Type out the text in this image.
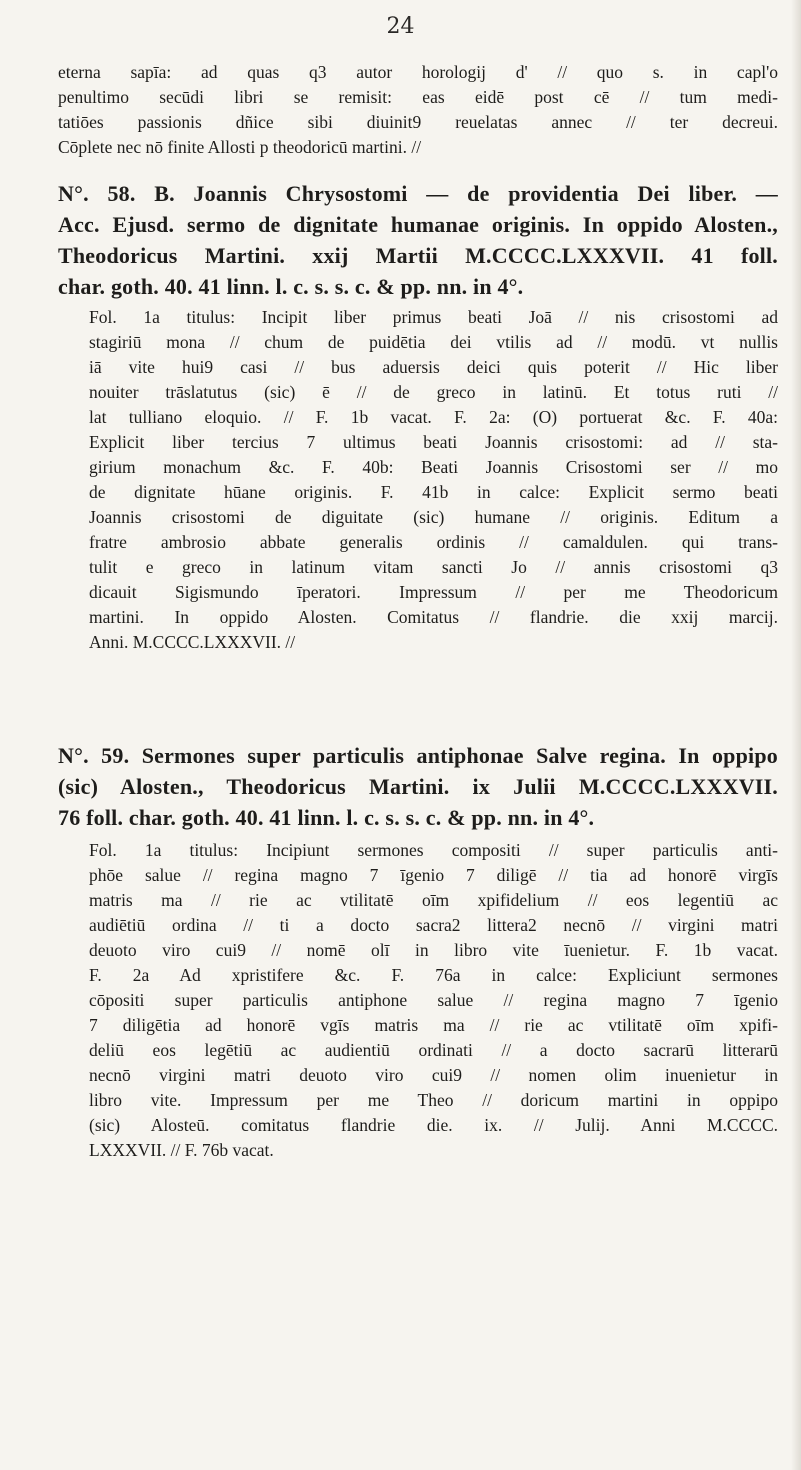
24
eterna sapīa: ad quas q3 autor horologij d' // quo s. in capl'o
penultimo secūdi libri se remisit: eas eidē post cē // tum medi-
tatiōes passionis dñice sibi diuinit9 reuelatas annec // ter decreui.
Cōplete nec nō finite Allosti p theodoricū martini. //
N°. 58. B. Joannis Chrysostomi — de providentia Dei liber. —
Acc. Ejusd. sermo de dignitate humanae originis. In oppido Alosten.,
Theodoricus Martini. xxij Martii M.CCCC.LXXXVII. 41 foll.
char. goth. 40. 41 linn. l. c. s. s. c. & pp. nn. in 4°.
Fol. 1a titulus: Incipit liber primus beati Joā // nis crisostomi ad
stagiriū mona // chum de puidētia dei vtilis ad // modū. vt nullis
iā vite hui9 casi // bus aduersis deici quis poterit // Hic liber
nouiter trāslatutus (sic) ē // de greco in latinū. Et totus ruti //
lat tulliano eloquio. // F. 1b vacat. F. 2a: (O) portuerat &c. F. 40a:
Explicit liber tercius 7 ultimus beati Joannis crisostomi: ad // sta-
girium monachum &c. F. 40b: Beati Joannis Crisostomi ser // mo
de dignitate hūane originis. F. 41b in calce: Explicit sermo beati
Joannis crisostomi de diguitate (sic) humane // originis. Editum a
fratre ambrosio abbate generalis ordinis // camaldulen. qui trans-
tulit e greco in latinum vitam sancti Jo // annis crisostomi q3
dicauit Sigismundo īperatori. Impressum // per me Theodoricum
martini. In oppido Alosten. Comitatus // flandrie. die xxij marcij.
Anni. M.CCCC.LXXXVII. //
N°. 59. Sermones super particulis antiphonae Salve regina. In oppipo
(sic) Alosten., Theodoricus Martini. ix Julii M.CCCC.LXXXVII.
76 foll. char. goth. 40. 41 linn. l. c. s. s. c. & pp. nn. in 4°.
Fol. 1a titulus: Incipiunt sermones compositi // super particulis anti-
phōe salue // regina magno 7 īgenio 7 diligē // tia ad honorē virgīs
matris ma // rie ac vtilitatē oīm xpifidelium // eos legentiū ac
audiētiū ordina // ti a docto sacra2 littera2 necnō // virgini matri
deuoto viro cui9 // nomē olī in libro vite īuenietur. F. 1b vacat.
F. 2a Ad xpristifere &c. F. 76a in calce: Expliciunt sermones
cōpositi super particulis antiphone salue // regina magno 7 īgenio
7 diligētia ad honorē vgīs matris ma // rie ac vtilitatē oīm xpifi-
deliū eos legētiū ac audientiū ordinati // a docto sacrarū litterarū
necnō virgini matri deuoto viro cui9 // nomen olim inuenietur in
libro vite. Impressum per me Theo // doricum martini in oppipo
(sic) Alosteū. comitatus flandrie die. ix. // Julij. Anni M.CCCC.
LXXXVII. // F. 76b vacat.
